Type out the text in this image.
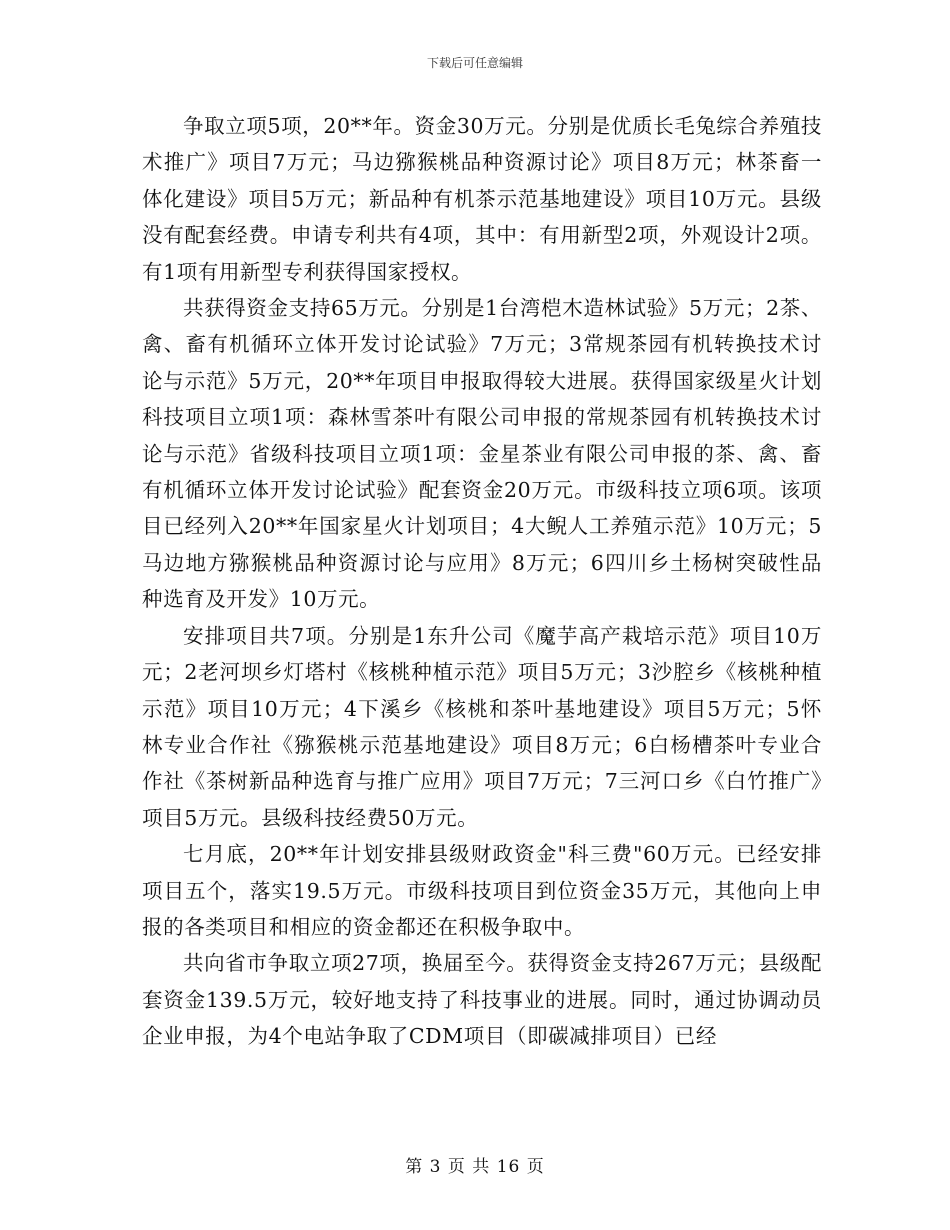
下载后可任意编辑

争取立项5项，20**年。资金30万元。分别是优质长毛兔综合养殖技术推广》项目7万元；马边猕猴桃品种资源讨论》项目8万元；林茶畜一体化建设》项目5万元；新品种有机茶示范基地建设》项目10万元。县级没有配套经费。申请专利共有4项，其中：有用新型2项，外观设计2项。有1项有用新型专利获得国家授权。

共获得资金支持65万元。分别是1台湾桤木造林试验》5万元；2茶、禽、畜有机循环立体开发讨论试验》7万元；3常规茶园有机转换技术讨论与示范》5万元，20**年项目申报取得较大进展。获得国家级星火计划科技项目立项1项：森林雪茶叶有限公司申报的常规茶园有机转换技术讨论与示范》省级科技项目立项1项：金星茶业有限公司申报的茶、禽、畜有机循环立体开发讨论试验》配套资金20万元。市级科技立项6项。该项目已经列入20**年国家星火计划项目；4大鲵人工养殖示范》10万元；5马边地方猕猴桃品种资源讨论与应用》8万元；6四川乡土杨树突破性品种选育及开发》10万元。

安排项目共7项。分别是1东升公司《魔芋高产栽培示范》项目10万元；2老河坝乡灯塔村《核桃种植示范》项目5万元；3沙腔乡《核桃种植示范》项目10万元；4下溪乡《核桃和茶叶基地建设》项目5万元；5怀林专业合作社《猕猴桃示范基地建设》项目8万元；6白杨槽茶叶专业合作社《茶树新品种选育与推广应用》项目7万元；7三河口乡《白竹推广》项目5万元。县级科技经费50万元。

七月底，20**年计划安排县级财政资金"科三费"60万元。已经安排项目五个，落实19.5万元。市级科技项目到位资金35万元，其他向上申报的各类项目和相应的资金都还在积极争取中。

共向省市争取立项27项，换届至今。获得资金支持267万元；县级配套资金139.5万元，较好地支持了科技事业的进展。同时，通过协调动员企业申报，为4个电站争取了CDM项目（即碳减排项目）已经

第 3 页 共 16 页
